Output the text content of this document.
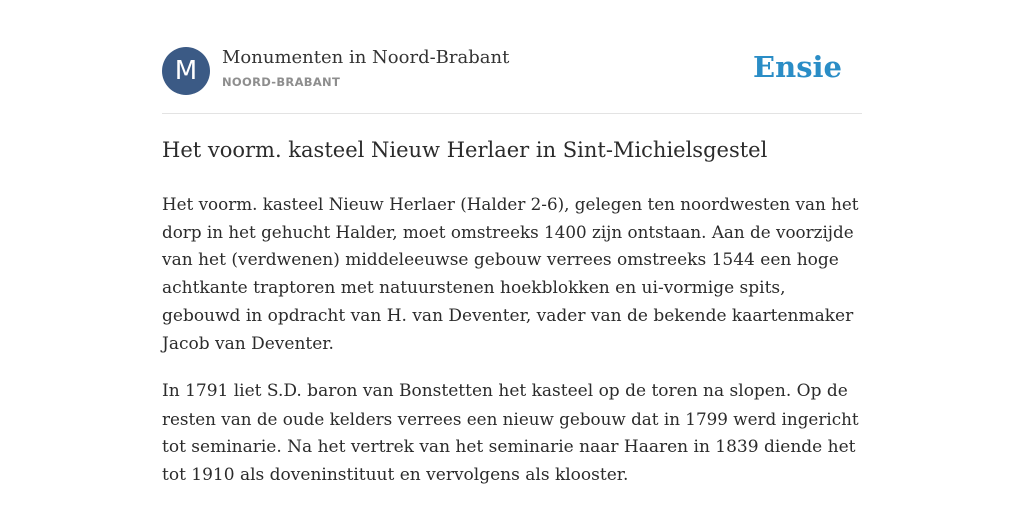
M	Monumenten in Noord-Brabant
NOORD-BRABANT	Ensie
Het voorm. kasteel Nieuw Herlaer in Sint-Michielsgestel

Het voorm. kasteel Nieuw Herlaer (Halder 2-6), gelegen ten noordwesten van het
dorp in het gehucht Halder, moet omstreeks 1400 zijn ontstaan. Aan de voorzijde
van het (verdwenen) middeleeuwse gebouw verrees omstreeks 1544 een hoge
achtkante traptoren met natuurstenen hoekblokken en ui-vormige spits,
gebouwd in opdracht van H. van Deventer, vader van de bekende kaartenmaker
Jacob van Deventer.

In 1791 liet S.D. baron van Bonstetten het kasteel op de toren na slopen. Op de
resten van de oude kelders verrees een nieuw gebouw dat in 1799 werd ingericht
tot seminarie. Na het vertrek van het seminarie naar Haaren in 1839 diende het
tot 1910 als doveninstituut en vervolgens als klooster.
